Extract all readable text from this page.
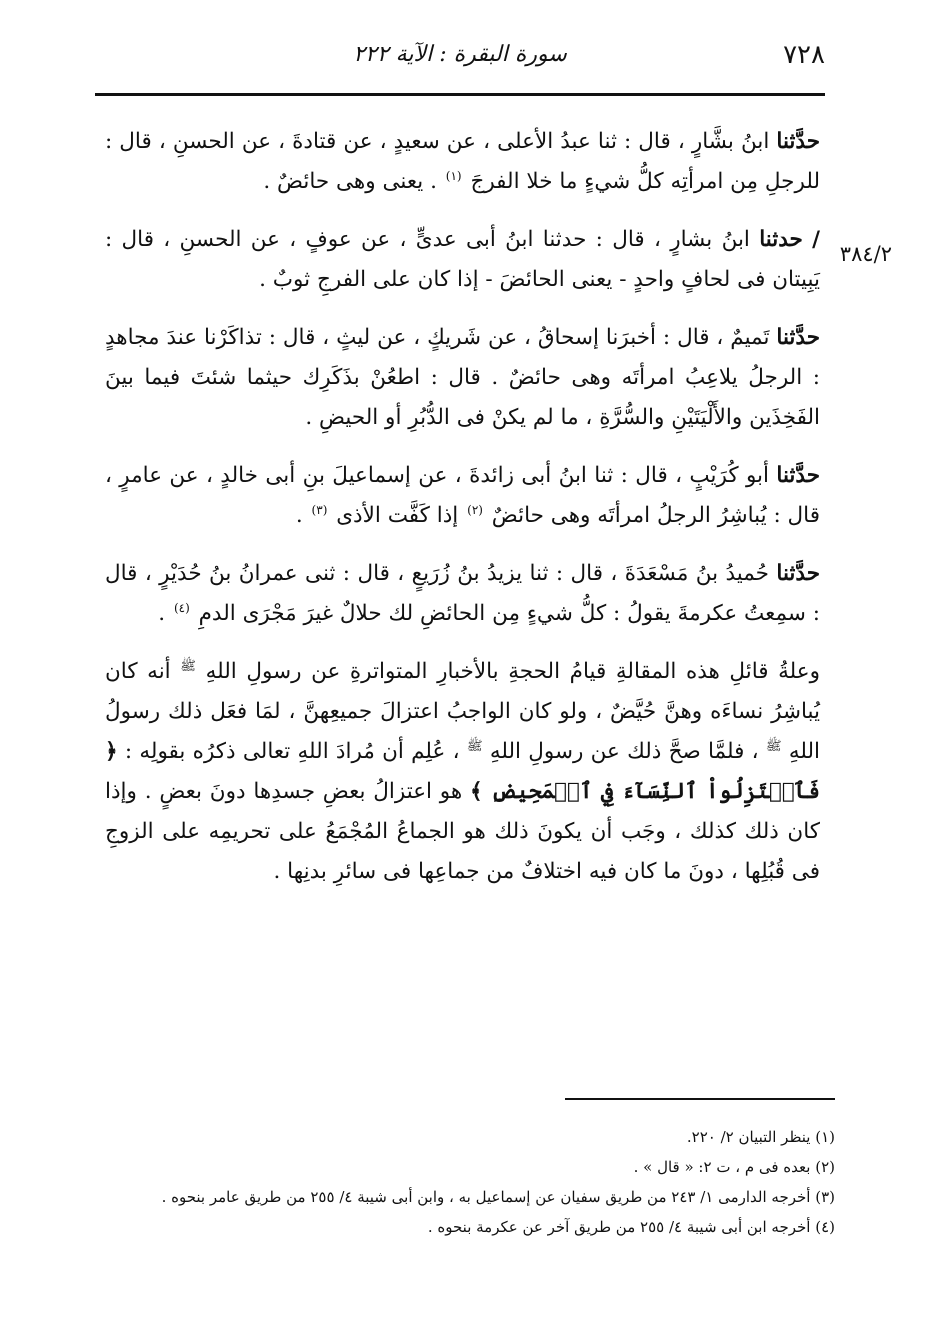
٧٢٨
سورة البقرة : الآية ٢٢٢
٣٨٤/٢

حدَّثنا ابنُ بشَّارٍ ، قال : ثنا عبدُ الأعلى ، عن سعيدٍ ، عن قتادةَ ، عن الحسنِ ، قال : للرجلِ مِن امرأتِه كلُّ شيءٍ ما خلا الفرجَ $^{(١)}$ . يعنى وهى حائضٌ .

/ حدثنا ابنُ بشارٍ ، قال : حدثنا ابنُ أبى عدىٍّ ، عن عوفٍ ، عن الحسنِ ، قال : يَبِيتان فى لحافٍ واحدٍ - يعنى الحائضَ - إذا كان على الفرجِ ثوبٌ .

حدَّثنا تَميمٌ ، قال : أخبرَنا إسحاقُ ، عن شَريكٍ ، عن ليثٍ ، قال : تذاكَرْنا عندَ مجاهدٍ : الرجلُ يلاعِبُ امرأتَه وهى حائضٌ . قال : اطعُنْ بذَكَرِك حيثما شئتَ فيما بينَ الفَخِذَين والأَلْيَتَيْنِ والسُّرَّةِ ، ما لم يكنْ فى الدُّبُرِ أو الحيضِ .

حدَّثنا أبو كُرَيْبٍ ، قال : ثنا ابنُ أبى زائدةَ ، عن إسماعيلَ بنِ أبى خالدٍ ، عن عامرٍ ، قال : يُباشِرُ الرجلُ امرأتَه وهى حائضٌ $^{(٢)}$ إذا كَفَّت الأذى $^{(٣)}$ .

حدَّثنا حُميدُ بنُ مَسْعَدَةَ ، قال : ثنا يزيدُ بنُ زُرَيعٍ ، قال : ثنى عمرانُ بنُ حُدَيْرٍ ، قال : سمِعتُ عكرمةَ يقولُ : كلُّ شيءٍ مِن الحائضِ لك حلالٌ غيرَ مَجْرَى الدمِ $^{(٤)}$ .

وعلةُ قائلِ هذه المقالةِ قيامُ الحجةِ بالأخبارِ المتواترةِ عن رسولِ اللهِ $^ﷺ$ أنه كان يُباشِرُ نساءَه وهنَّ حُيَّضٌ ، ولو كان الواجبُ اعتزالَ جميعِهنَّ ، لمَا فعَل ذلك رسولُ اللهِ $^ﷺ$ ، فلمَّا صحَّ ذلك عن رسولِ اللهِ $^ﷺ$ ، عُلِم أن مُرادَ اللهِ تعالى ذكرُه بقولِه : ﴿ فَٱعۡتَزِلُواْ ٱلنِّسَآءَ فِي ٱلۡمَحِيضِ ﴾ هو اعتزالُ بعضِ جسدِها دونَ بعضٍ . وإذا كان ذلك كذلك ، وجَب أن يكونَ ذلك هو الجماعُ المُجْمَعُ على تحريمِه على الزوجِ فى قُبُلِها ، دونَ ما كان فيه اختلافٌ من جماعِها فى سائرِ بدنِها .

(١) ينظر التبيان ٢/ ٢٢٠.

(٢) بعده فى م ، ت ٢: « قال » .

(٣) أخرجه الدارمى ١/ ٢٤٣ من طريق سفيان عن إسماعيل به ، وابن أبى شيبة ٤/ ٢٥٥ من طريق عامر بنحوه .

(٤) أخرجه ابن أبى شيبة ٤/ ٢٥٥ من طريق آخر عن عكرمة بنحوه .
